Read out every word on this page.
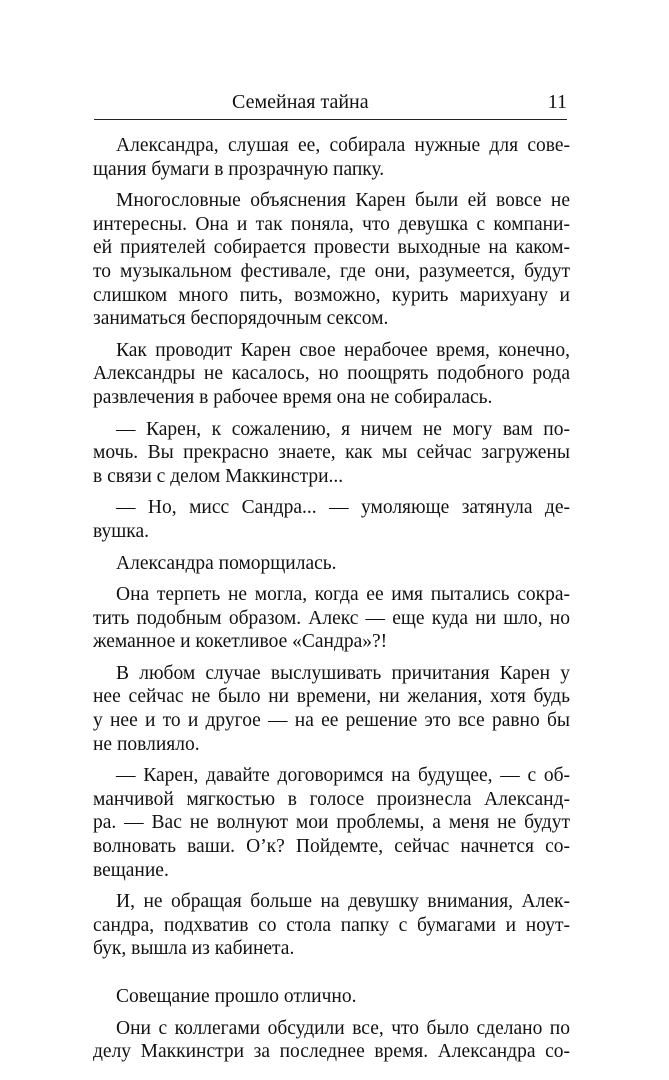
Семейная тайна	11
Александра, слушая ее, собирала нужные для сове-
щания бумаги в прозрачную папку.
Многословные объяснения Карен были ей вовсе не
интересны. Она и так поняла, что девушка с компани-
ей приятелей собирается провести выходные на каком-
то музыкальном фестивале, где они, разумеется, будут
слишком много пить, возможно, курить марихуану и
заниматься беспорядочным сексом.
Как проводит Карен свое нерабочее время, конечно,
Александры не касалось, но поощрять подобного рода
развлечения в рабочее время она не собиралась.
— Карен, к сожалению, я ничем не могу вам по-
мочь. Вы прекрасно знаете, как мы сейчас загружены
в связи с делом Маккинстри...
— Но, мисс Сандра... — умоляюще затянула де-
вушка.
Александра поморщилась.
Она терпеть не могла, когда ее имя пытались сокра-
тить подобным образом. Алекс — еще куда ни шло, но
жеманное и кокетливое «Сандра»?!
В любом случае выслушивать причитания Карен у
нее сейчас не было ни времени, ни желания, хотя будь
у нее и то и другое — на ее решение это все равно бы
не повлияло.
— Карен, давайте договоримся на будущее, — с об-
манчивой мягкостью в голосе произнесла Александ-
ра. — Вас не волнуют мои проблемы, а меня не будут
волновать ваши. О’к? Пойдемте, сейчас начнется со-
вещание.
И, не обращая больше на девушку внимания, Алек-
сандра, подхватив со стола папку с бумагами и ноут-
бук, вышла из кабинета.
Совещание прошло отлично.
Они с коллегами обсудили все, что было сделано по
делу Маккинстри за последнее время. Александра со-
